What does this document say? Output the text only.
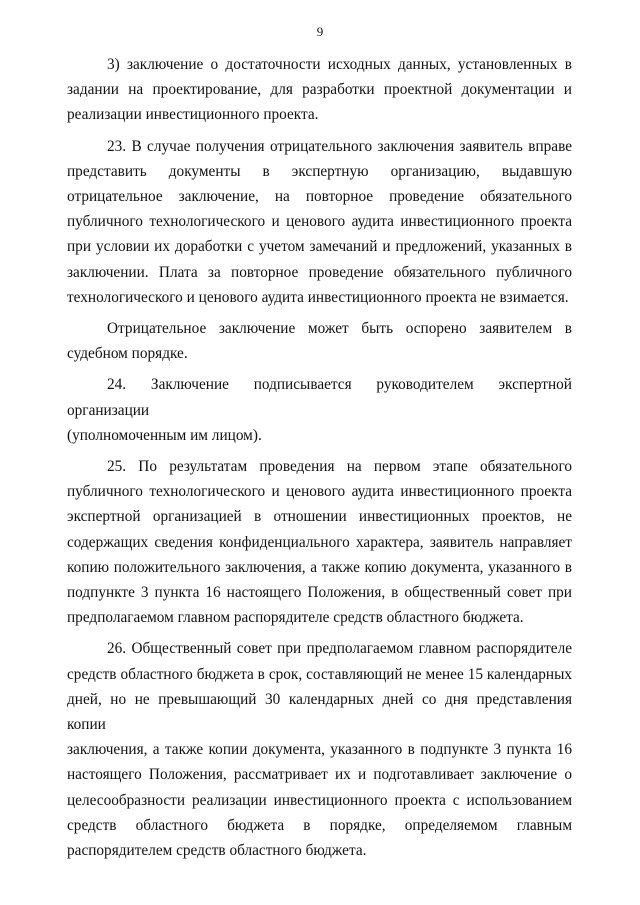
9
3) заключение о достаточности исходных данных, установленных в
задании на проектирование, для разработки проектной документации и
реализации инвестиционного проекта.
23. В случае получения отрицательного заключения заявитель вправе
представить документы в экспертную организацию, выдавшую
отрицательное заключение, на повторное проведение обязательного
публичного технологического и ценового аудита инвестиционного проекта
при условии их доработки с учетом замечаний и предложений, указанных в
заключении. Плата за повторное проведение обязательного публичного
технологического и ценового аудита инвестиционного проекта не взимается.
Отрицательное заключение может быть оспорено заявителем в
судебном порядке.
24. Заключение подписывается руководителем экспертной организации
(уполномоченным им лицом).
25. По результатам проведения на первом этапе обязательного
публичного технологического и ценового аудита инвестиционного проекта
экспертной организацией в отношении инвестиционных проектов, не
содержащих сведения конфиденциального характера, заявитель направляет
копию положительного заключения, а также копию документа, указанного в
подпункте 3 пункта 16 настоящего Положения, в общественный совет при
предполагаемом главном распорядителе средств областного бюджета.
26. Общественный совет при предполагаемом главном распорядителе
средств областного бюджета в срок, составляющий не менее 15 календарных
дней, но не превышающий 30 календарных дней со дня представления копии
заключения, а также копии документа, указанного в подпункте 3 пункта 16
настоящего Положения, рассматривает их и подготавливает заключение о
целесообразности реализации инвестиционного проекта с использованием
средств областного бюджета в порядке, определяемом главным
распорядителем средств областного бюджета.
